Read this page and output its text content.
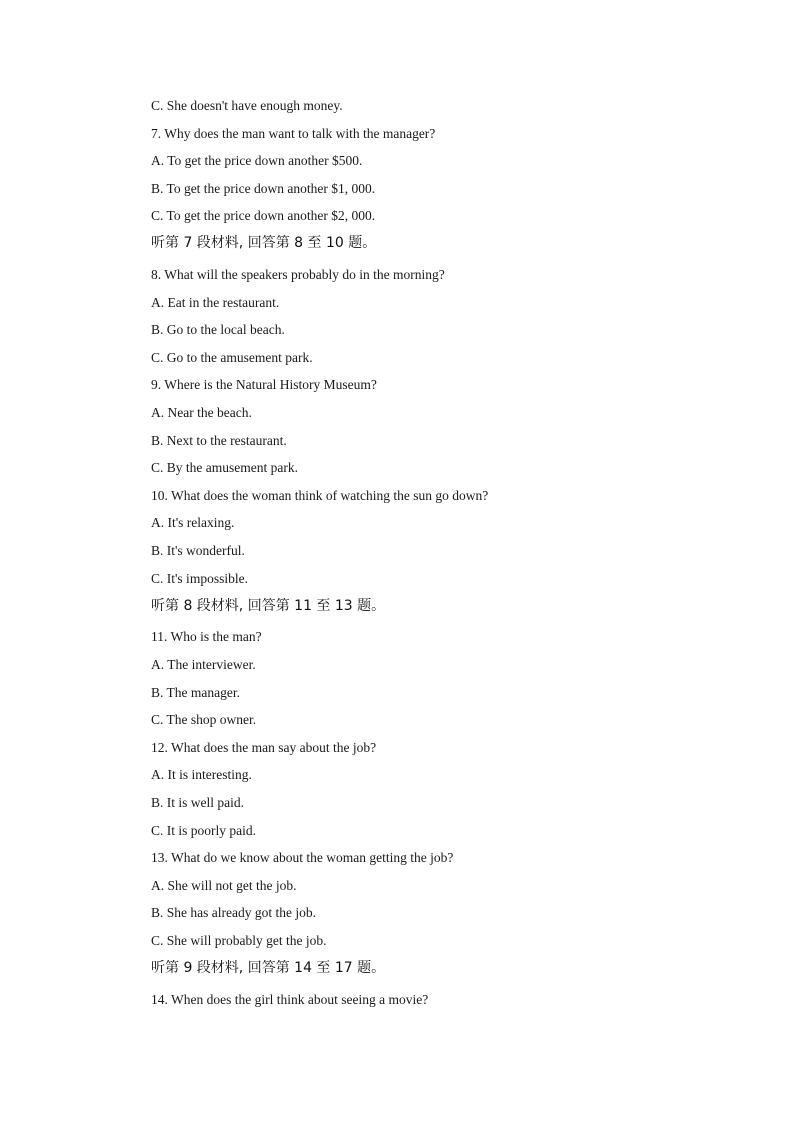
C. She doesn't have enough money.
7. Why does the man want to talk with the manager?
A. To get the price down another $500.
B. To get the price down another $1, 000.
C. To get the price down another $2, 000.
听第 7 段材料, 回答第 8 至 10 题。
8. What will the speakers probably do in the morning?
A. Eat in the restaurant.
B. Go to the local beach.
C. Go to the amusement park.
9. Where is the Natural History Museum?
A. Near the beach.
B. Next to the restaurant.
C. By the amusement park.
10. What does the woman think of watching the sun go down?
A. It's relaxing.
B. It's wonderful.
C. It's impossible.
听第 8 段材料, 回答第 11 至 13 题。
11. Who is the man?
A. The interviewer.
B. The manager.
C. The shop owner.
12. What does the man say about the job?
A. It is interesting.
B. It is well paid.
C. It is poorly paid.
13. What do we know about the woman getting the job?
A. She will not get the job.
B. She has already got the job.
C. She will probably get the job.
听第 9 段材料, 回答第 14 至 17 题。
14. When does the girl think about seeing a movie?
